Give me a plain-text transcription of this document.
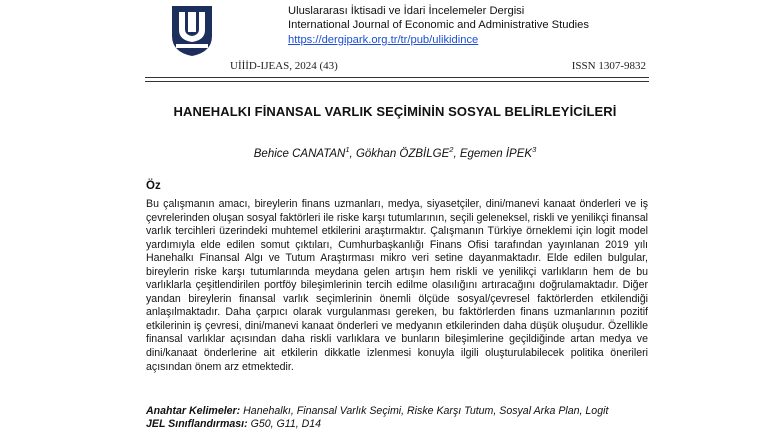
Uluslararası İktisadi ve İdari İncelemeler Dergisi
International Journal of Economic and Administrative Studies
https://dergipark.org.tr/tr/pub/ulikidince
UİİİD-IJEAS, 2024 (43)	ISSN 1307-9832
HANEHALKI FİNANSAL VARLIK SEÇİMİNİN SOSYAL BELİRLEYİCİLERİ
Behice CANATAN$^1$, Gökhan ÖZBİLGE$^2$, Egemen İPEK$^3$
Öz
Bu çalışmanın amacı, bireylerin finans uzmanları, medya, siyasetçiler, dini/manevi kanaat önderleri ve iş çevrelerinden oluşan sosyal faktörleri ile riske karşı tutumlarının, seçili geleneksel, riskli ve yenilikçi finansal varlık tercihleri üzerindeki muhtemel etkilerini araştırmaktır. Çalışmanın Türkiye örneklemi için logit model yardımıyla elde edilen somut çıktıları, Cumhurbaşkanlığı Finans Ofisi tarafından yayınlanan 2019 yılı Hanehalkı Finansal Algı ve Tutum Araştırması mikro veri setine dayanmaktadır. Elde edilen bulgular, bireylerin riske karşı tutumlarında meydana gelen artışın hem riskli ve yenilikçi varlıkların hem de bu varlıklarla çeşitlendirilen portföy bileşimlerinin tercih edilme olasılığını artıracağını doğrulamaktadır. Diğer yandan bireylerin finansal varlık seçimlerinin önemli ölçüde sosyal/çevresel faktörlerden etkilendiği anlaşılmaktadır. Daha çarpıcı olarak vurgulanması gereken, bu faktörlerden finans uzmanlarının pozitif etkilerinin iş çevresi, dini/manevi kanaat önderleri ve medyanın etkilerinden daha düşük oluşudur. Özellikle finansal varlıklar açısından daha riskli varlıklara ve bunların bileşimlerine geçildiğinde artan medya ve dini/kanaat önderlerine ait etkilerin dikkatle izlenmesi konuyla ilgili oluşturulabilecek politika önerileri açısından önem arz etmektedir.
Anahtar Kelimeler: Hanehalkı, Finansal Varlık Seçimi, Riske Karşı Tutum, Sosyal Arka Plan, Logit
JEL Sınıflandırması: G50, G11, D14
